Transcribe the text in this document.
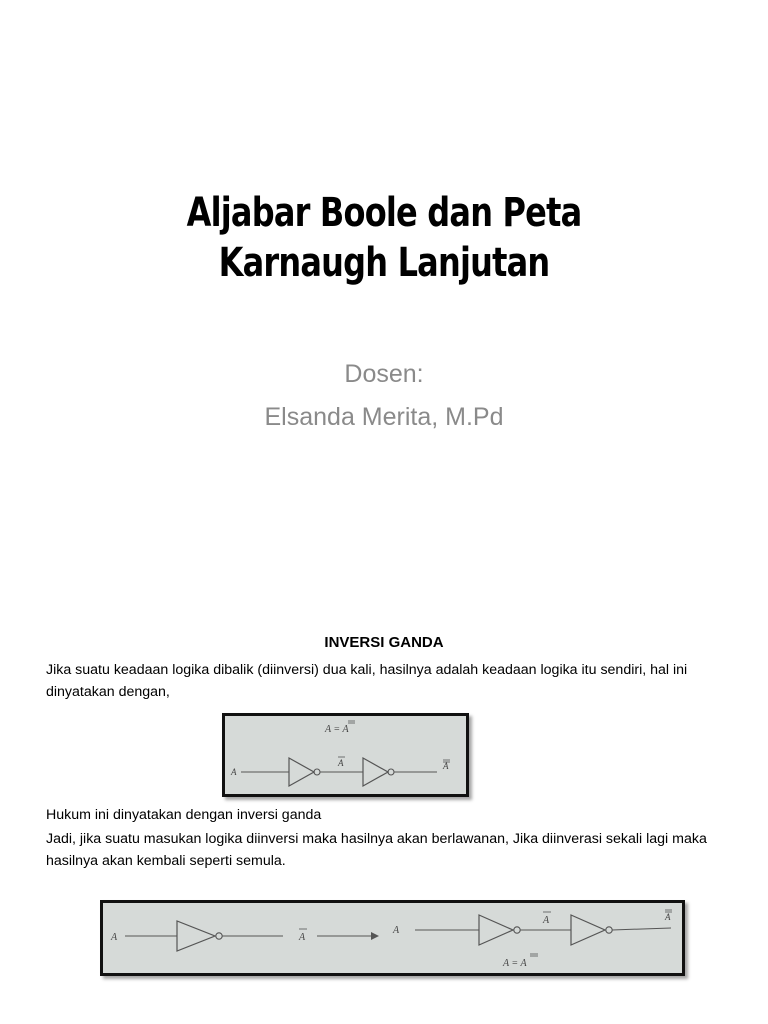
Aljabar Boole dan Peta
Karnaugh Lanjutan
Dosen:
Elsanda Merita, M.Pd
INVERSI GANDA
Jika suatu keadaan logika dibalik (diinversi) dua kali, hasilnya adalah keadaan logika itu sendiri, hal ini dinyatakan dengan,
A = A
A
A	A
Hukum ini dinyatakan dengan inversi ganda
Jadi, jika suatu masukan logika diinversi maka hasilnya akan berlawanan, Jika diinverasi sekali lagi maka hasilnya akan kembali seperti semula.
A	A
A
A	A
A = A
